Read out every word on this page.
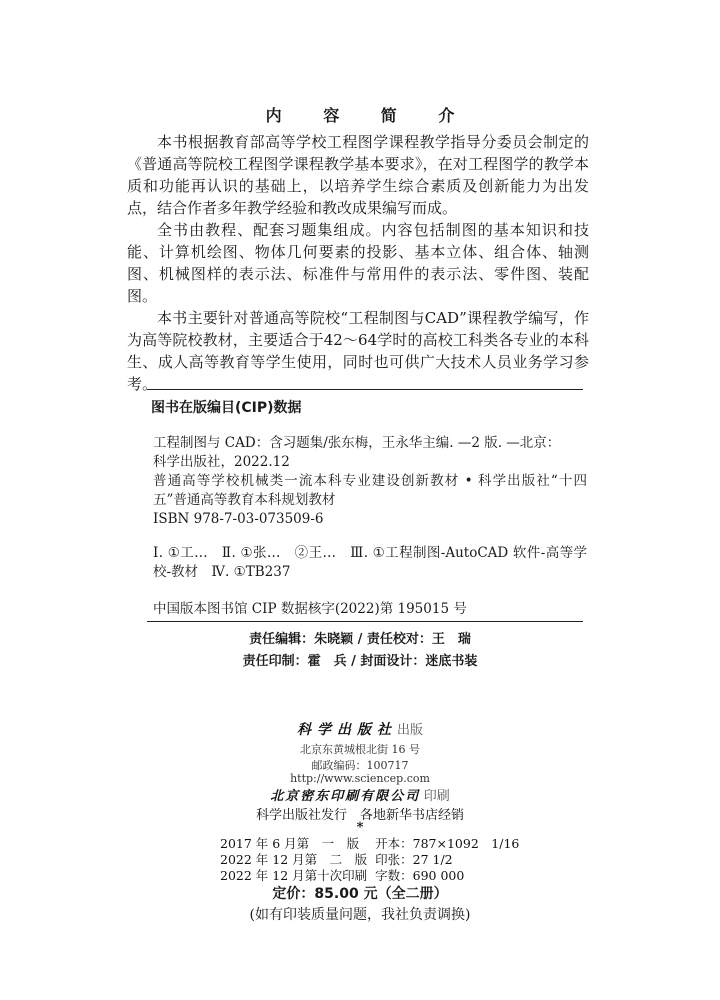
内 容 简 介

本书根据教育部高等学校工程图学课程教学指导分委员会制定的《普通高等院校工程图学课程教学基本要求》，在对工程图学的教学本质和功能再认识的基础上，以培养学生综合素质及创新能力为出发点，结合作者多年教学经验和教改成果编写而成。

全书由教程、配套习题集组成。内容包括制图的基本知识和技能、计算机绘图、物体几何要素的投影、基本立体、组合体、轴测图、机械图样的表示法、标准件与常用件的表示法、零件图、装配图。

本书主要针对普通高等院校“工程制图与CAD”课程教学编写，作为高等院校教材，主要适合于42～64学时的高校工科类各专业的本科生、成人高等教育等学生使用，同时也可供广大技术人员业务学习参考。

图书在版编目(CIP)数据
工程制图与 CAD：含习题集/张东梅，王永华主编. —2 版. —北京：
科学出版社，2022.12

普通高等学校机械类一流本科专业建设创新教材 • 科学出版社“十四五”普通高等教育本科规划教材

ISBN 978-7-03-073509-6

Ⅰ. ①工…　Ⅱ. ①张…　②王…　Ⅲ. ①工程制图-AutoCAD 软件-高等学校-教材　Ⅳ. ①TB237

中国版本图书馆 CIP 数据核字(2022)第 195015 号
责任编辑：朱晓颖 / 责任校对：王　瑞
责任印制：霍　兵 / 封面设计：迷底书装
科学出版社出版
北京东黄城根北街 16 号
邮政编码：100717
http://www.sciencep.com
北京密东印刷有限公司 印刷
科学出版社发行　各地新华书店经销
*
2017 年 6 月第　一　版	开本：787×1092　1/16
2022 年 12 月第　二　版	印张：27 1/2
2022 年 12 月第十次印刷	字数：690 000
定价：85.00 元（全二册）
(如有印装质量问题，我社负责调换)
